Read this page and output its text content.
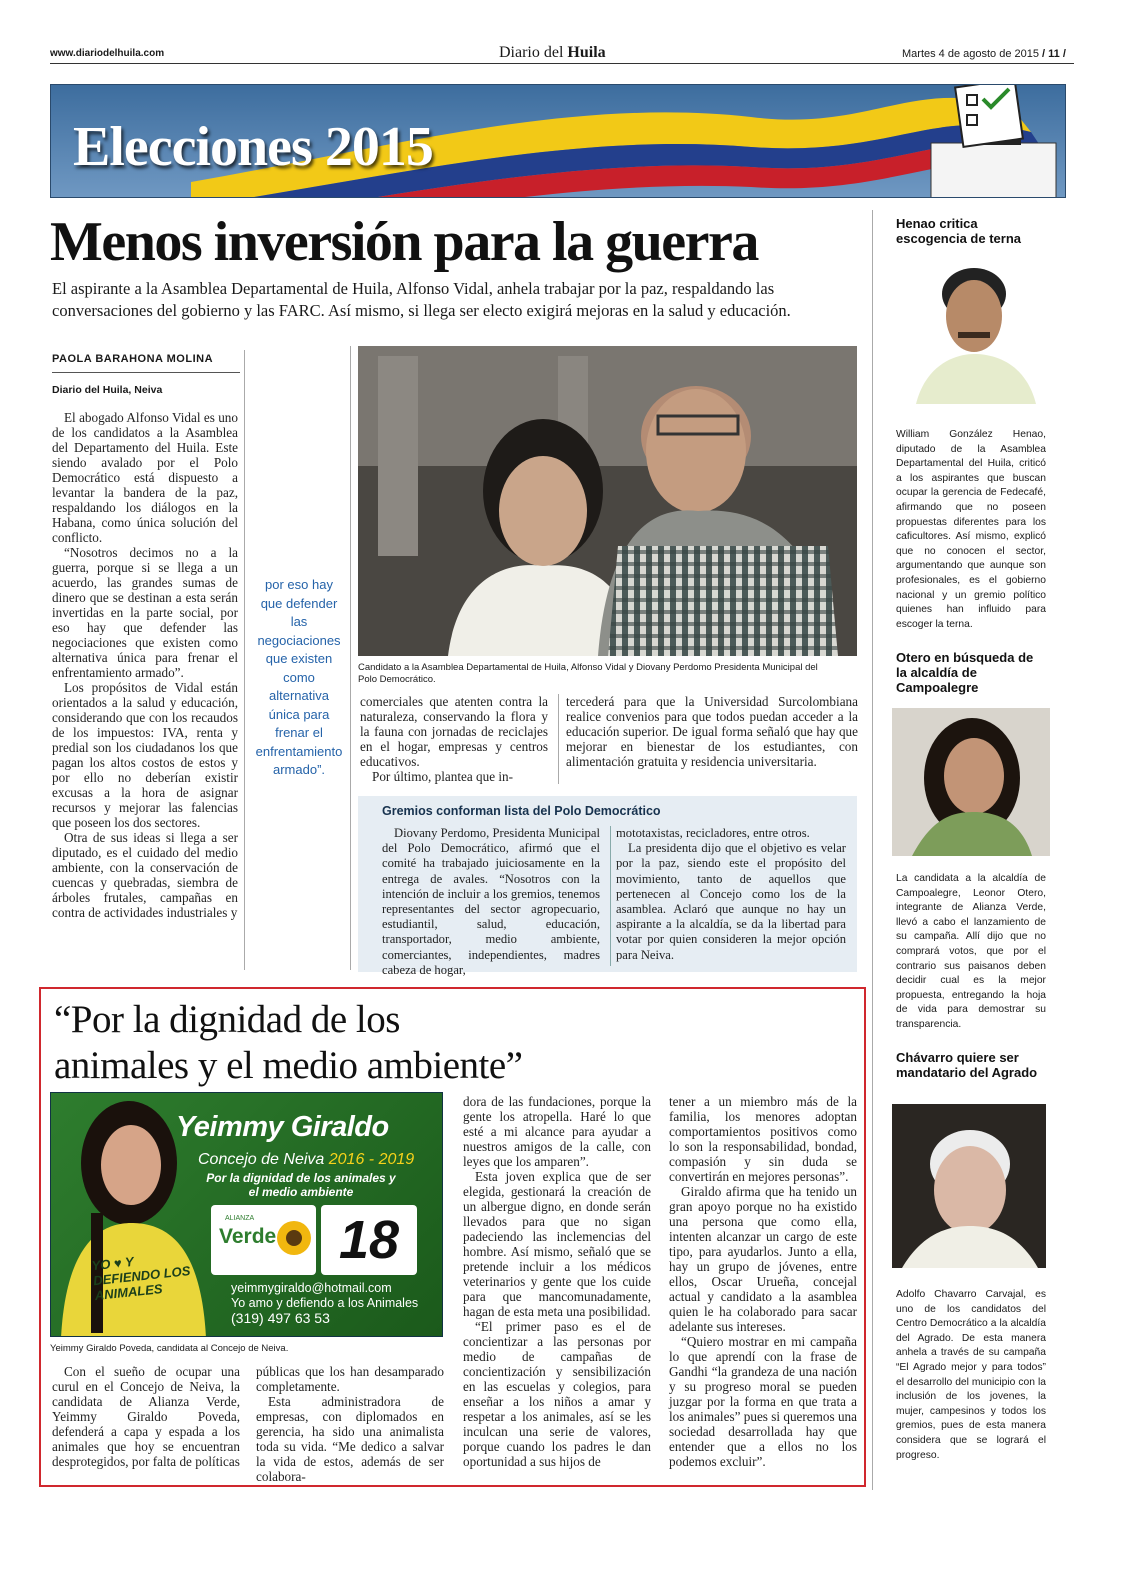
www.diariodelhuila.com	Diario del Huila	Martes 4 de agosto de 2015 / 11 /
Elecciones 2015
Menos inversión para la guerra
El aspirante a la Asamblea Departamental de Huila, Alfonso Vidal, anhela trabajar por la paz, respaldando las conversaciones del gobierno y las FARC. Así mismo, si llega ser electo exigirá mejoras en la salud y educación.
PAOLA BARAHONA MOLINA
Diario del Huila, Neiva

El abogado Alfonso Vidal es uno de los candidatos a la Asamblea del Departamento del Huila. Este siendo avalado por el Polo Democrático está dispuesto a levantar la bandera de la paz, respaldando los diálogos en la Habana, como única solución del conflicto.

“Nosotros decimos no a la guerra, porque si se llega a un acuerdo, las grandes sumas de dinero que se destinan a esta serán invertidas en la parte social, por eso hay que defender las negociaciones que existen como alternativa única para frenar el enfrentamiento armado”.

Los propósitos de Vidal están orientados a la salud y educación, considerando que con los recaudos de los impuestos: IVA, renta y predial son los ciudadanos los que pagan los altos costos de estos y por ello no deberían existir excusas a la hora de asignar recursos y mejorar las falencias que poseen los dos sectores.

Otra de sus ideas si llega a ser diputado, es el cuidado del medio ambiente, con la conservación de cuencas y quebradas, siembra de árboles frutales, campañas en contra de actividades industriales y

por eso hay que defender las negociaciones que existen como alternativa única para frenar el enfrentamiento armado”.
Candidato a la Asamblea Departamental de Huila, Alfonso Vidal y Diovany Perdomo Presidenta Municipal del Polo Democrático.

comerciales que atenten contra la naturaleza, conservando la flora y la fauna con jornadas de reciclajes en el hogar, empresas y centros educativos.

Por último, plantea que in-

tercederá para que la Universidad Surcolombiana realice convenios para que todos puedan acceder a la educación superior. De igual forma señaló que hay que mejorar en bienestar de los estudiantes, con alimentación gratuita y residencia universitaria.

Gremios conforman lista del Polo Democrático

Diovany Perdomo, Presidenta Municipal del Polo Democrático, afirmó que el comité ha trabajado juiciosamente en la entrega de avales. “Nosotros con la intención de incluir a los gremios, tenemos representantes del sector agropecuario, estudiantil, salud, educación, transportador, medio ambiente, comerciantes, independientes, madres cabeza de hogar,

mototaxistas, recicladores, entre otros.

La presidenta dijo que el objetivo es velar por la paz, siendo este el propósito del movimiento, tanto de aquellos que pertenecen al Concejo como los de la asamblea. Aclaró que aunque no hay un aspirante a la alcaldía, se da la libertad para votar por quien consideren la mejor opción para Neiva.

Henao critica escogencia de terna
William González Henao, diputado de la Asamblea Departamental del Huila, criticó a los aspirantes que buscan ocupar la gerencia de Fedecafé, afirmando que no poseen propuestas diferentes para los caficultores. Así mismo, explicó que no conocen el sector, argumentando que aunque son profesionales, es el gobierno nacional y un gremio político quienes han influido para escoger la terna.
Otero en búsqueda de la alcaldía de Campoalegre
La candidata a la alcaldía de Campoalegre, Leonor Otero, integrante de Alianza Verde, llevó a cabo el lanzamiento de su campaña. Allí dijo que no comprará votos, que por el contrario sus paisanos deben decidir cual es la mejor propuesta, entregando la hoja de vida para demostrar su transparencia.
Chávarro quiere ser mandatario del Agrado
Adolfo Chavarro Carvajal, es uno de los candidatos del Centro Democrático a la alcaldía del Agrado. De esta manera anhela a través de su campaña “El Agrado mejor y para todos” el desarrollo del municipio con la inclusión de los jovenes, la mujer, campesinos y todos los gremios, pues de esta manera considera que se logrará el progreso.
“Por la dignidad de los
animales y el medio ambiente”
YO ♥ Y DEFIENDO LOS ANIMALES
Yeimmy Giraldo
Concejo de Neiva 2016 - 2019
Por la dignidad de los animales y el medio ambiente
ALIANZA
Verde	18
yeimmygiraldo@hotmail.com
Yo amo y defiendo a los Animales
(319) 497 63 53
Yeimmy Giraldo Poveda, candidata al Concejo de Neiva.

Con el sueño de ocupar una curul en el Concejo de Neiva, la candidata de Alianza Verde, Yeimmy Giraldo Poveda, defenderá a capa y espada a los animales que hoy se encuentran desprotegidos, por falta de políticas

públicas que los han desamparado completamente.

Esta administradora de empresas, con diplomados en gerencia, ha sido una animalista toda su vida. “Me dedico a salvar la vida de estos, además de ser colabora-

dora de las fundaciones, porque la gente los atropella. Haré lo que esté a mi alcance para ayudar a nuestros amigos de la calle, con leyes que los amparen”.

Esta joven explica que de ser elegida, gestionará la creación de un albergue digno, en donde serán llevados para que no sigan padeciendo las inclemencias del hombre. Así mismo, señaló que se pretende incluir a los médicos veterinarios y gente que los cuide para que mancomunadamente, hagan de esta meta una posibilidad.

“El primer paso es el de concientizar a las personas por medio de campañas de concientización y sensibilización en las escuelas y colegios, para enseñar a los niños a amar y respetar a los animales, así se les inculcan una serie de valores, porque cuando los padres le dan oportunidad a sus hijos de

tener a un miembro más de la familia, los menores adoptan comportamientos positivos como lo son la responsabilidad, bondad, compasión y sin duda se convertirán en mejores personas”.

Giraldo afirma que ha tenido un gran apoyo porque no ha existido una persona que como ella, intenten alcanzar un cargo de este tipo, para ayudarlos. Junto a ella, hay un grupo de jóvenes, entre ellos, Oscar Urueña, concejal actual y candidato a la asamblea quien le ha colaborado para sacar adelante sus intereses.

“Quiero mostrar en mi campaña lo que aprendí con la frase de Gandhi “la grandeza de una nación y su progreso moral se pueden juzgar por la forma en que trata a los animales” pues si queremos una sociedad desarrollada hay que entender que a ellos no los podemos excluir”.
